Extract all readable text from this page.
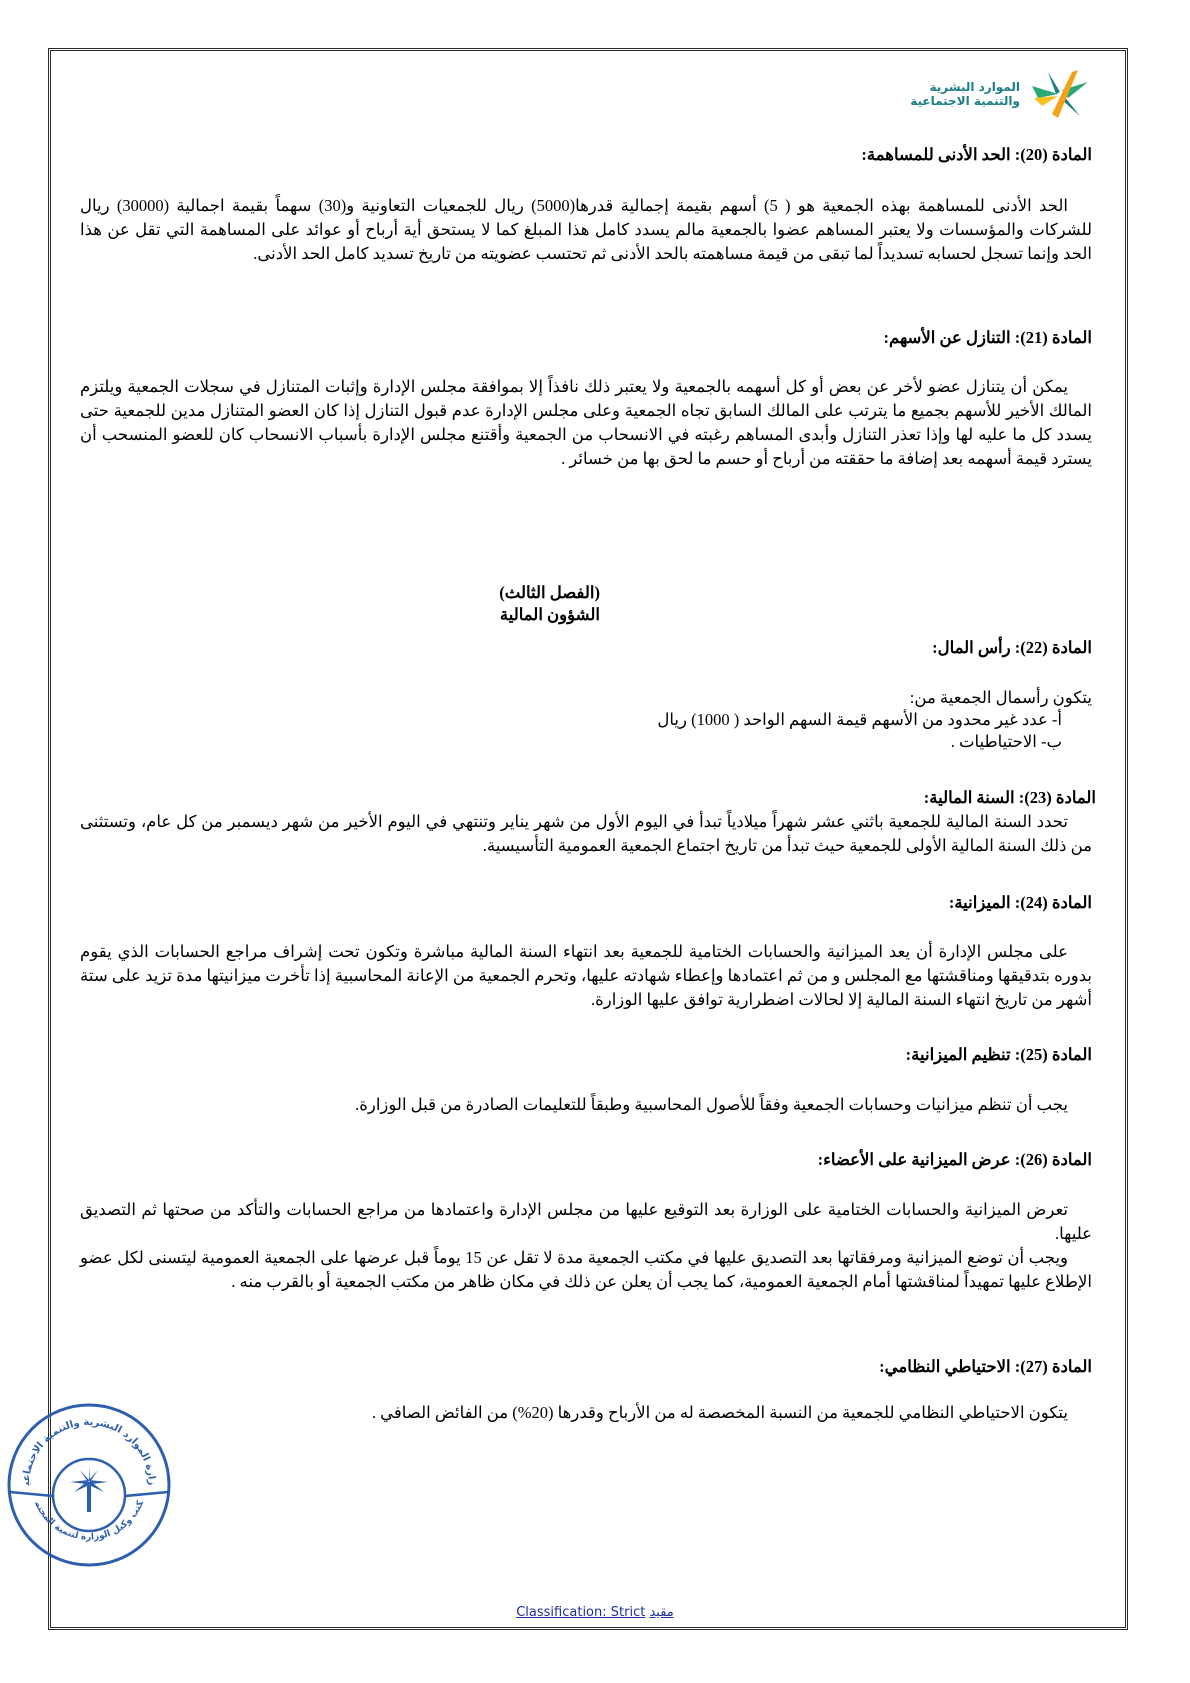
الموارد البشرية
والتنمية الاجتماعية
المادة (20): الحد الأدنى للمساهمة:
الحد الأدنى للمساهمة بهذه الجمعية هو ( 5) أسهم بقيمة إجمالية قدرها(5000) ريال للجمعيات التعاونية و(30) سهماً بقيمة اجمالية (30000) ريال للشركات والمؤسسات ولا يعتبر المساهم عضوا بالجمعية مالم يسدد كامل هذا المبلغ كما لا يستحق أية أرباح أو عوائد على المساهمة التي تقل عن هذا الحد وإنما تسجل لحسابه تسديداً لما تبقى من قيمة مساهمته بالحد الأدنى ثم تحتسب عضويته من تاريخ تسديد كامل الحد الأدنى.
المادة (21): التنازل عن الأسهم:
يمكن أن يتنازل عضو لأخر عن بعض أو كل أسهمه بالجمعية ولا يعتبر ذلك نافذاً إلا بموافقة مجلس الإدارة وإثبات المتنازل في سجلات الجمعية ويلتزم المالك الأخير للأسهم بجميع ما يترتب على المالك السابق تجاه الجمعية وعلى مجلس الإدارة عدم قبول التنازل إذا كان العضو المتنازل مدين للجمعية حتى يسدد كل ما عليه لها وإذا تعذر التنازل وأبدى المساهم رغبته في الانسحاب من الجمعية وأقتنع مجلس الإدارة بأسباب الانسحاب كان للعضو المنسحب أن يسترد قيمة أسهمه بعد إضافة ما حققته من أرباح أو حسم ما لحق بها من خسائر .
(الفصل الثالث)
الشؤون المالية
المادة (22): رأس المال:
يتكون رأسمال الجمعية من:
أ- عدد غير محدود من الأسهم قيمة السهم الواحد ( 1000) ريال
ب- الاحتياطيات .
المادة (23): السنة المالية:
تحدد السنة المالية للجمعية باثني عشر شهراً ميلادياً تبدأ في اليوم الأول من شهر يناير وتنتهي في اليوم الأخير من شهر ديسمبر من كل عام، وتستثنى من ذلك السنة المالية الأولى للجمعية حيث تبدأ من تاريخ اجتماع الجمعية العمومية التأسيسية.
المادة (24): الميزانية:
على مجلس الإدارة أن يعد الميزانية والحسابات الختامية للجمعية بعد انتهاء السنة المالية مباشرة وتكون تحت إشراف مراجع الحسابات الذي يقوم بدوره بتدقيقها ومناقشتها مع المجلس و من ثم اعتمادها وإعطاء شهادته عليها، وتحرم الجمعية من الإعانة المحاسبية إذا تأخرت ميزانيتها مدة تزيد على ستة أشهر من تاريخ انتهاء السنة المالية إلا لحالات اضطرارية توافق عليها الوزارة.
المادة (25): تنظيم الميزانية:
يجب أن تنظم ميزانيات وحسابات الجمعية وفقاً للأصول المحاسبية وطبقاً للتعليمات الصادرة من قبل الوزارة.
المادة (26): عرض الميزانية على الأعضاء:
تعرض الميزانية والحسابات الختامية على الوزارة بعد التوقيع عليها من مجلس الإدارة واعتمادها من مراجع الحسابات والتأكد من صحتها ثم التصديق عليها.
ويجب أن توضع الميزانية ومرفقاتها بعد التصديق عليها في مكتب الجمعية مدة لا تقل عن 15 يوماً قبل عرضها على الجمعية العمومية ليتسنى لكل عضو الإطلاع عليها تمهيداً لمناقشتها أمام الجمعية العمومية، كما يجب أن يعلن عن ذلك في مكان ظاهر من مكتب الجمعية أو بالقرب منه .
المادة (27): الاحتياطي النظامي:
يتكون الاحتياطي النظامي للجمعية من النسبة المخصصة له من الأرباح وقدرها (20%) من الفائض الصافي .
زارة الموارد البشرية والتنمية الاجتماعية
كتب وكيل الوزارة لتنمية المجتم
Classification: Strict مقيد
